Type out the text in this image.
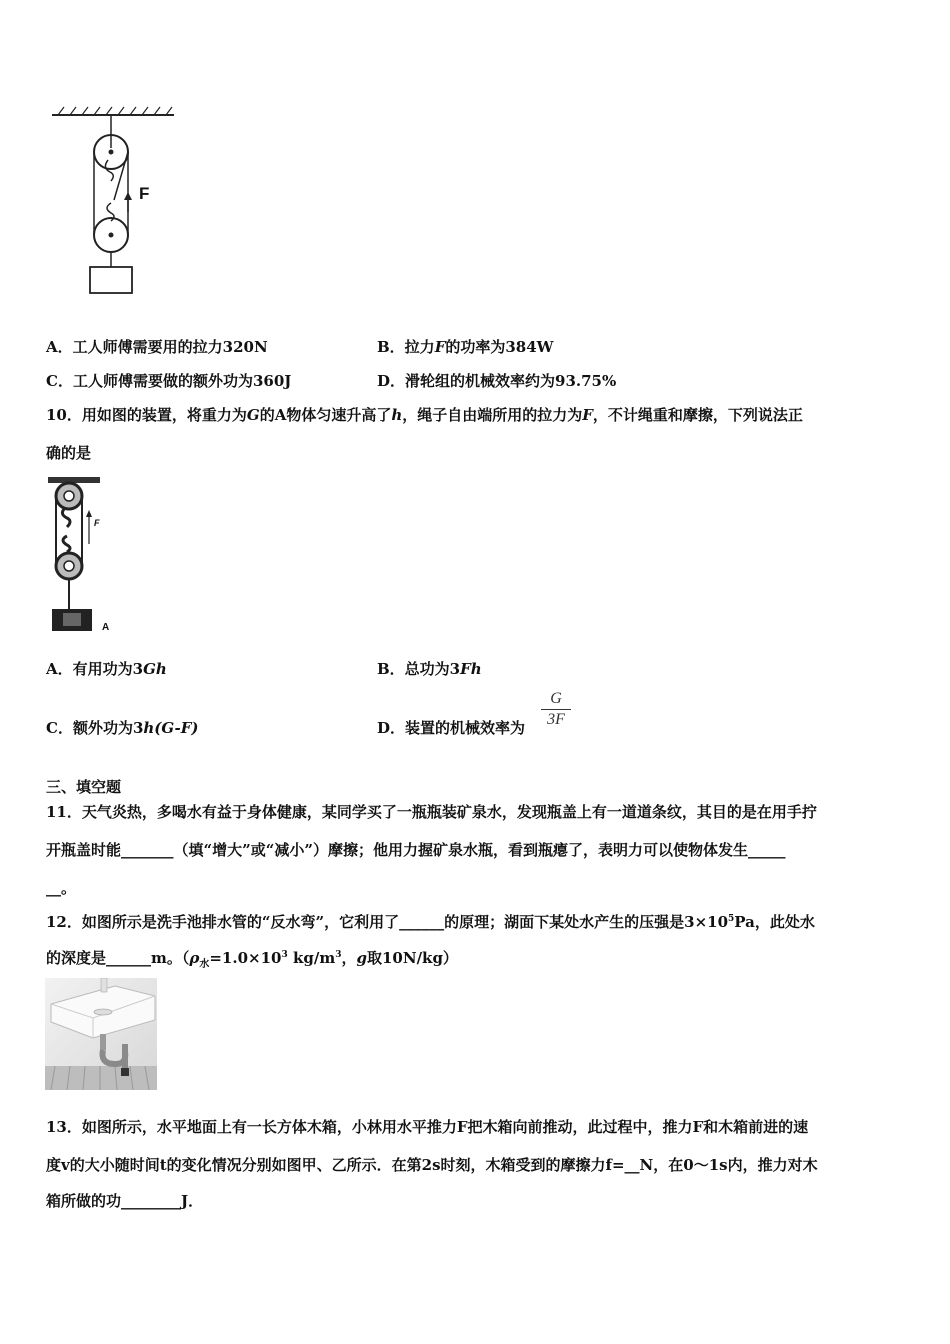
F
A．工人师傅需要用的拉力320N	B．拉力F的功率为384W
C．工人师傅需要做的额外功为360J	D．滑轮组的机械效率约为93.75%
10．用如图的装置，将重力为G的A物体匀速升高了h，绳子自由端所用的拉力为F，不计绳重和摩擦，下列说法正
确的是
F
A
A．有用功为3Gh	B．总功为3Fh
C．额外功为3h(G-F)	D．装置的机械效率为 $\frac{G}{3F}$
三、填空题
11．天气炎热，多喝水有益于身体健康，某同学买了一瓶瓶装矿泉水，发现瓶盖上有一道道条纹，其目的是在用手拧
开瓶盖时能_______（填“增大”或“减小”）摩擦；他用力握矿泉水瓶，看到瓶瘪了，表明力可以使物体发生_____
__。
12．如图所示是洗手池排水管的“反水弯”，它利用了______的原理；湖面下某处水产生的压强是$3\times 10^5Pa$，此处水
的深度是______m。（$\rho_水=1.0\times 10^3$ $kg/m^3$，g取10N/kg）
13．如图所示，水平地面上有一长方体木箱，小林用水平推力F把木箱向前推动，此过程中，推力F和木箱前进的速
度v的大小随时间t的变化情况分别如图甲、乙所示．在第2s时刻，木箱受到的摩擦力f=__N，在0～1s内，推力对木
箱所做的功________J．
